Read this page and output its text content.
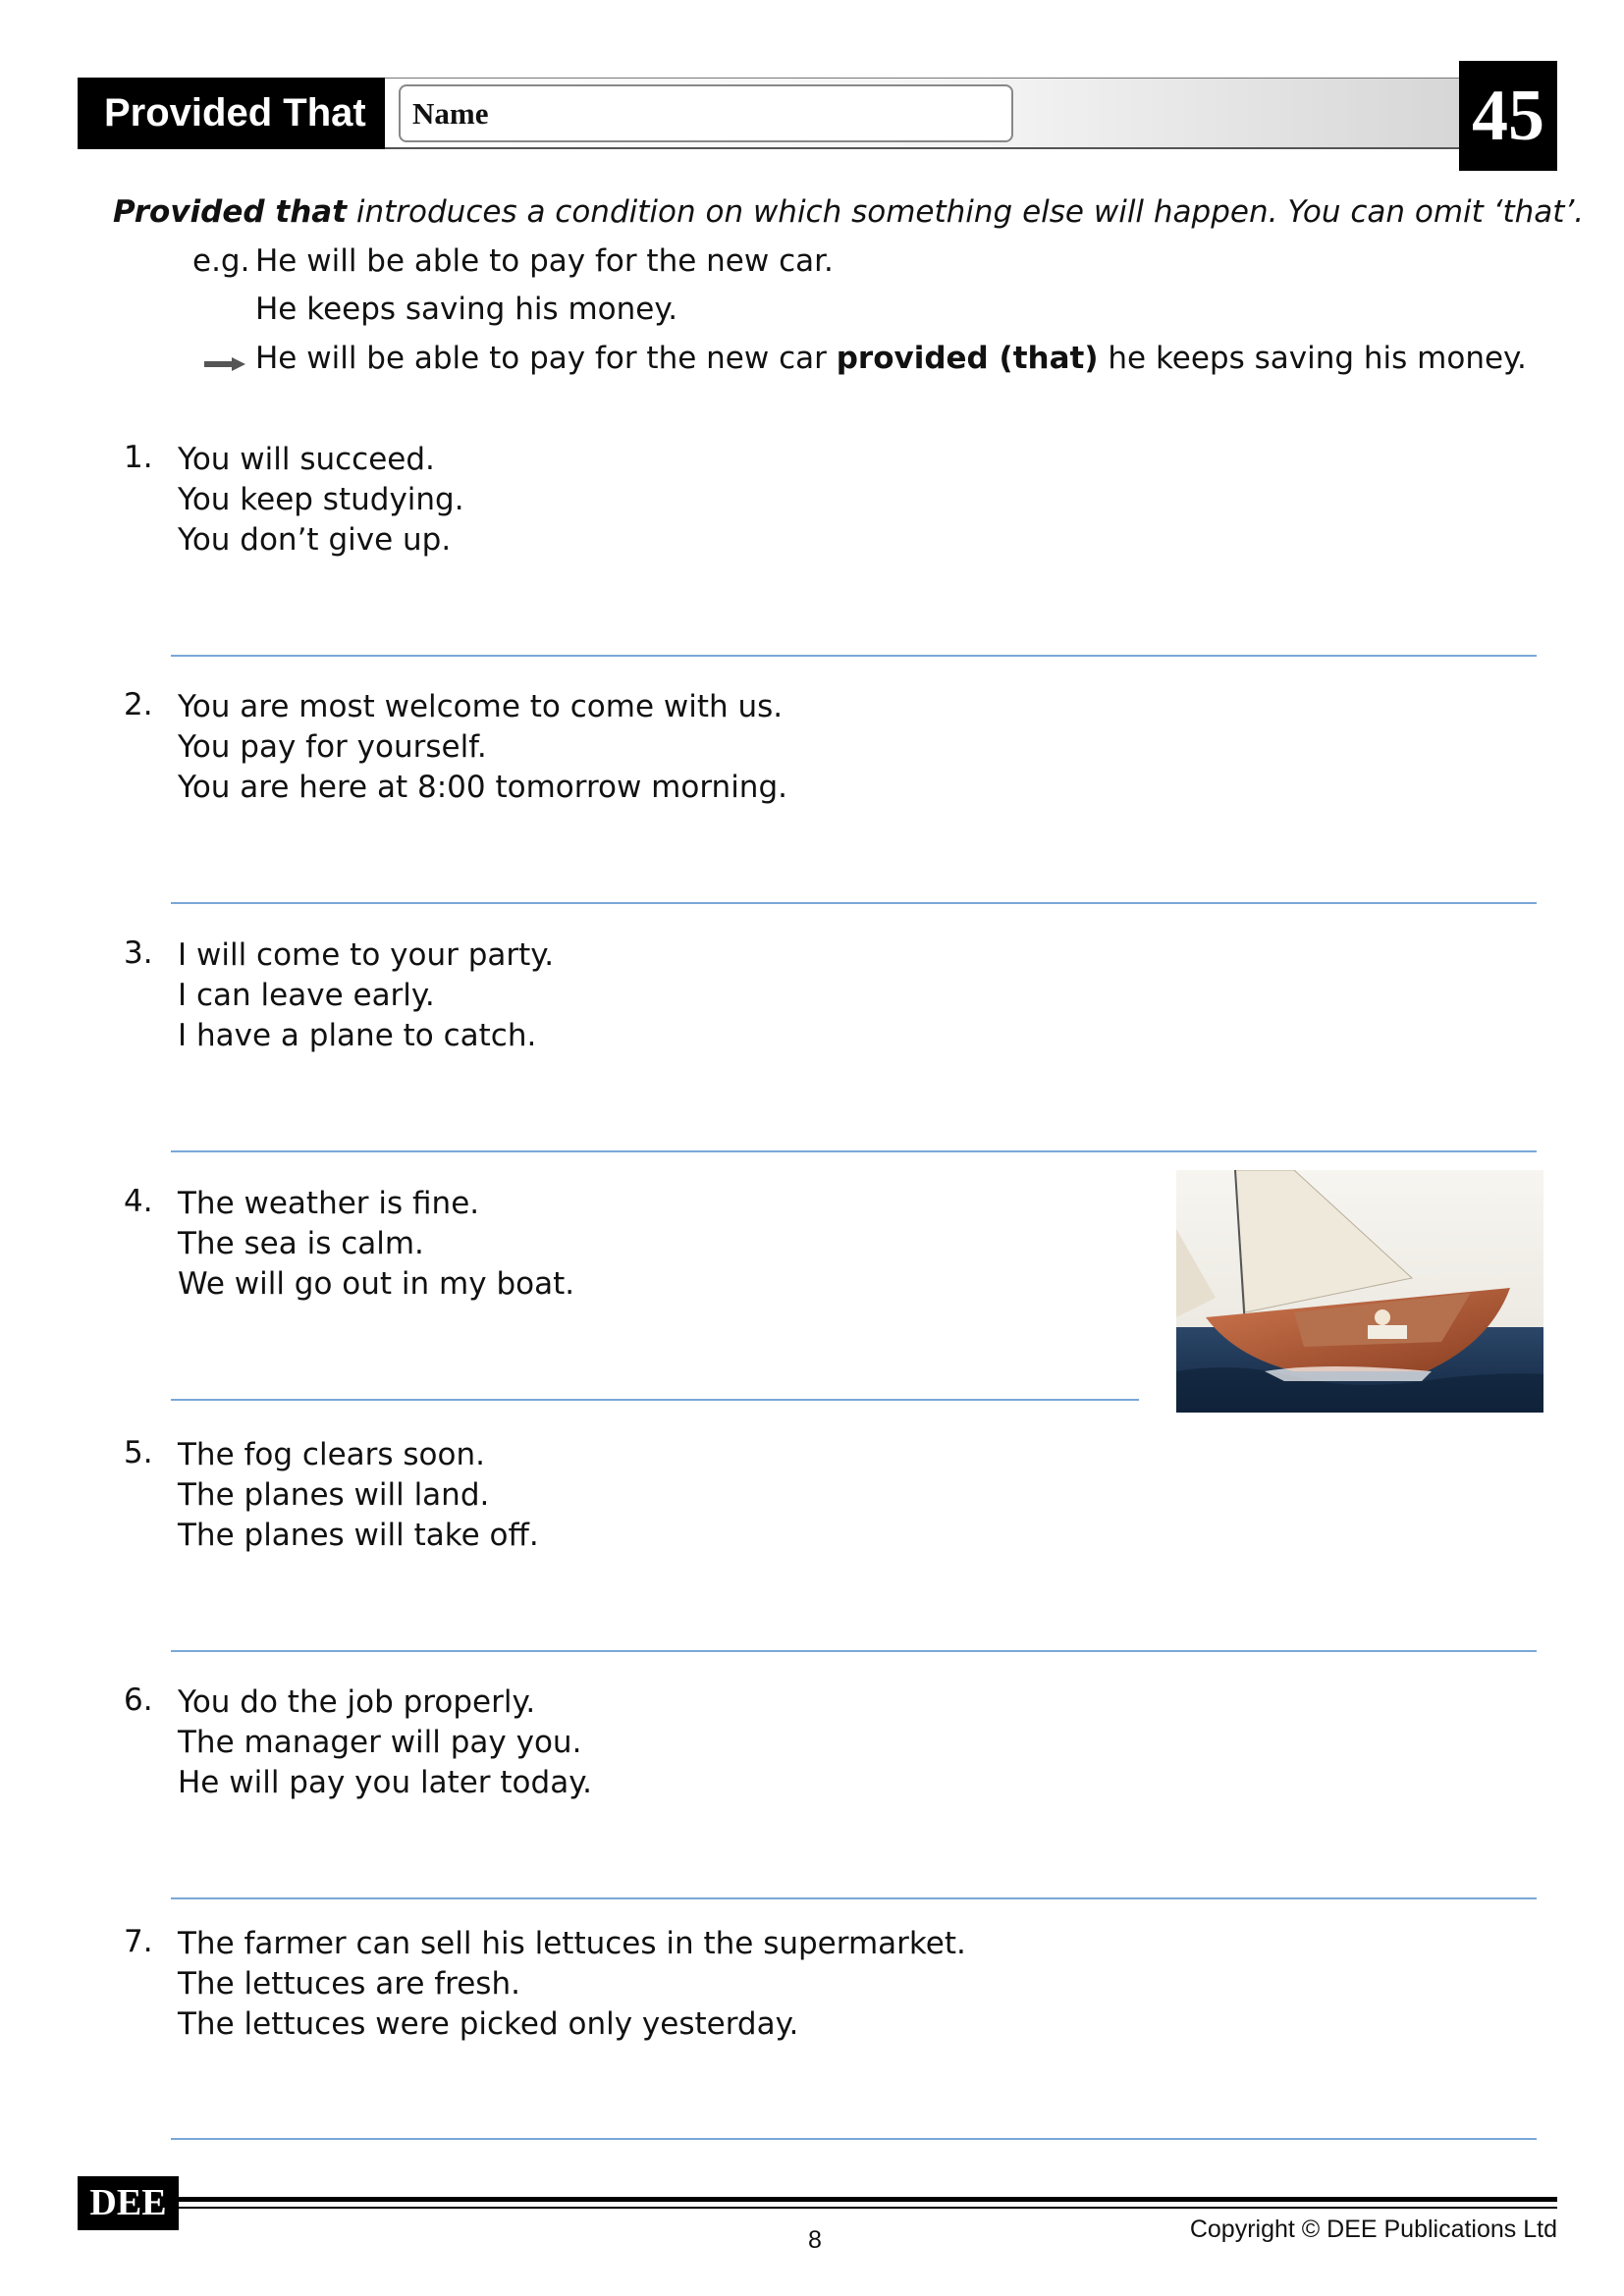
Provided That	Name	45
Provided that introduces a condition on which something else will happen. You can omit ‘that’.
e.g. He will be able to pay for the new car.
He keeps saving his money.
He will be able to pay for the new car provided (that) he keeps saving his money.
1. You will succeed.
You keep studying.
You don’t give up.
2. You are most welcome to come with us.
You pay for yourself.
You are here at 8:00 tomorrow morning.
3. I will come to your party.
I can leave early.
I have a plane to catch.
4. The weather is fine.
The sea is calm.
We will go out in my boat.
5. The fog clears soon.
The planes will land.
The planes will take off.
6. You do the job properly.
The manager will pay you.
He will pay you later today.
7. The farmer can sell his lettuces in the supermarket.
The lettuces are fresh.
The lettuces were picked only yesterday.
DEE
Copyright © DEE Publications Ltd
8
